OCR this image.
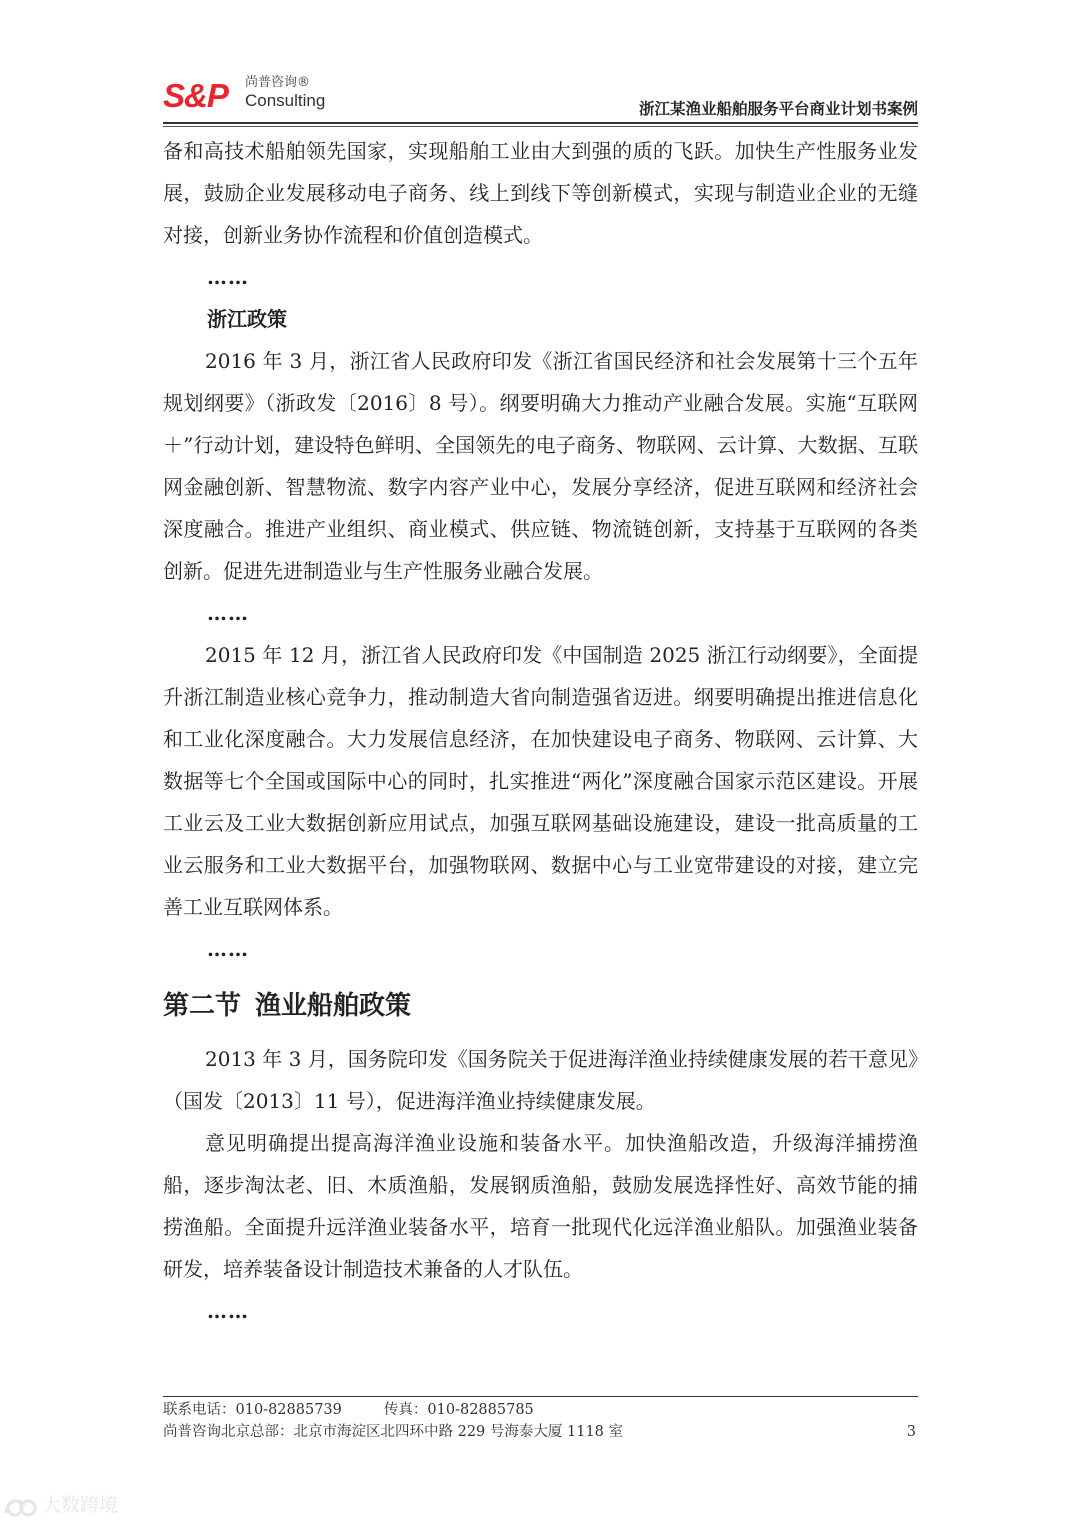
S&P 尚普咨询®
Consulting	浙江某渔业船舶服务平台商业计划书案例

备和高技术船舶领先国家，实现船舶工业由大到强的质的飞跃。加快生产性服务业发展，鼓励企业发展移动电子商务、线上到线下等创新模式，实现与制造业企业的无缝对接，创新业务协作流程和价值创造模式。

……

浙江政策

2016 年 3 月，浙江省人民政府印发《浙江省国民经济和社会发展第十三个五年规划纲要》（浙政发〔2016〕8 号）。纲要明确大力推动产业融合发展。实施“互联网＋”行动计划，建设特色鲜明、全国领先的电子商务、物联网、云计算、大数据、互联网金融创新、智慧物流、数字内容产业中心，发展分享经济，促进互联网和经济社会深度融合。推进产业组织、商业模式、供应链、物流链创新，支持基于互联网的各类创新。促进先进制造业与生产性服务业融合发展。

……

2015 年 12 月，浙江省人民政府印发《中国制造 2025 浙江行动纲要》，全面提升浙江制造业核心竞争力，推动制造大省向制造强省迈进。纲要明确提出推进信息化和工业化深度融合。大力发展信息经济，在加快建设电子商务、物联网、云计算、大数据等七个全国或国际中心的同时，扎实推进“两化”深度融合国家示范区建设。开展工业云及工业大数据创新应用试点，加强互联网基础设施建设，建设一批高质量的工业云服务和工业大数据平台，加强物联网、数据中心与工业宽带建设的对接，建立完善工业互联网体系。

……

第二节 渔业船舶政策

2013 年 3 月，国务院印发《国务院关于促进海洋渔业持续健康发展的若干意见》（国发〔2013〕11 号），促进海洋渔业持续健康发展。

意见明确提出提高海洋渔业设施和装备水平。加快渔船改造，升级海洋捕捞渔船，逐步淘汰老、旧、木质渔船，发展钢质渔船，鼓励发展选择性好、高效节能的捕捞渔船。全面提升远洋渔业装备水平，培育一批现代化远洋渔业船队。加强渔业装备研发，培养装备设计制造技术兼备的人才队伍。

……

联系电话：010-82885739	传真：010-82885785
尚普咨询北京总部：北京市海淀区北四环中路 229 号海泰大厦 1118 室	3
大数跨境
